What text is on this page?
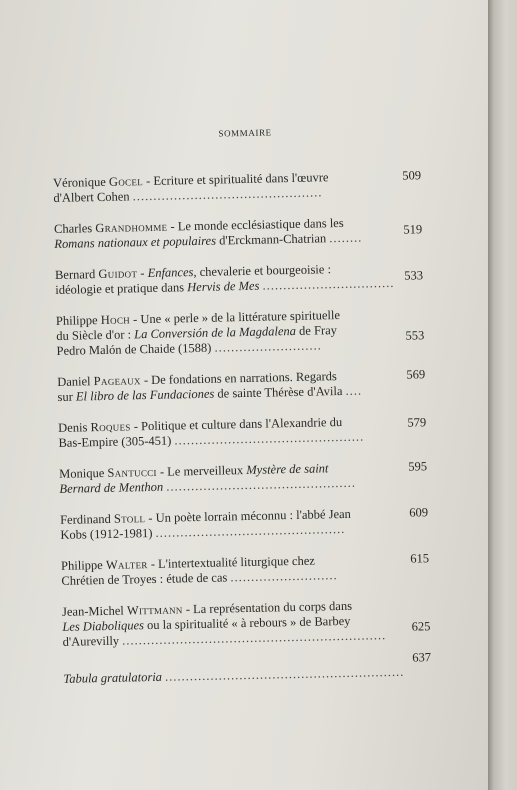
SOMMAIRE
Véronique Gocel - Ecriture et spiritualité dans l'œuvre
d'Albert Cohen ..............................................
509
Charles Grandhomme - Le monde ecclésiastique dans les
Romans nationaux et populaires d'Erckmann-Chatrian ........
519
Bernard Guidot - Enfances, chevalerie et bourgeoisie :
idéologie et pratique dans Hervis de Mes ................................
533
Philippe Hoch - Une « perle » de la littérature spirituelle
du Siècle d'or : La Conversión de la Magdalena de Fray
Pedro Malón de Chaide (1588) ..........................
553
Daniel Pageaux - De fondations en narrations. Regards
sur El libro de las Fundaciones de sainte Thérèse d'Avila ....
569
Denis Roques - Politique et culture dans l'Alexandrie du
Bas-Empire (305-451) ..............................................
579
Monique Santucci - Le merveilleux Mystère de saint
Bernard de Menthon ..............................................
595
Ferdinand Stoll - Un poète lorrain méconnu : l'abbé Jean
Kobs (1912-1981) ..............................................
609
Philippe Walter - L'intertextualité liturgique chez
Chrétien de Troyes : étude de cas ..........................
615
Jean-Michel Wittmann - La représentation du corps dans
Les Diaboliques ou la spiritualité « à rebours » de Barbey
d'Aurevilly ................................................................
625
Tabula gratulatoria ..........................................................
637
